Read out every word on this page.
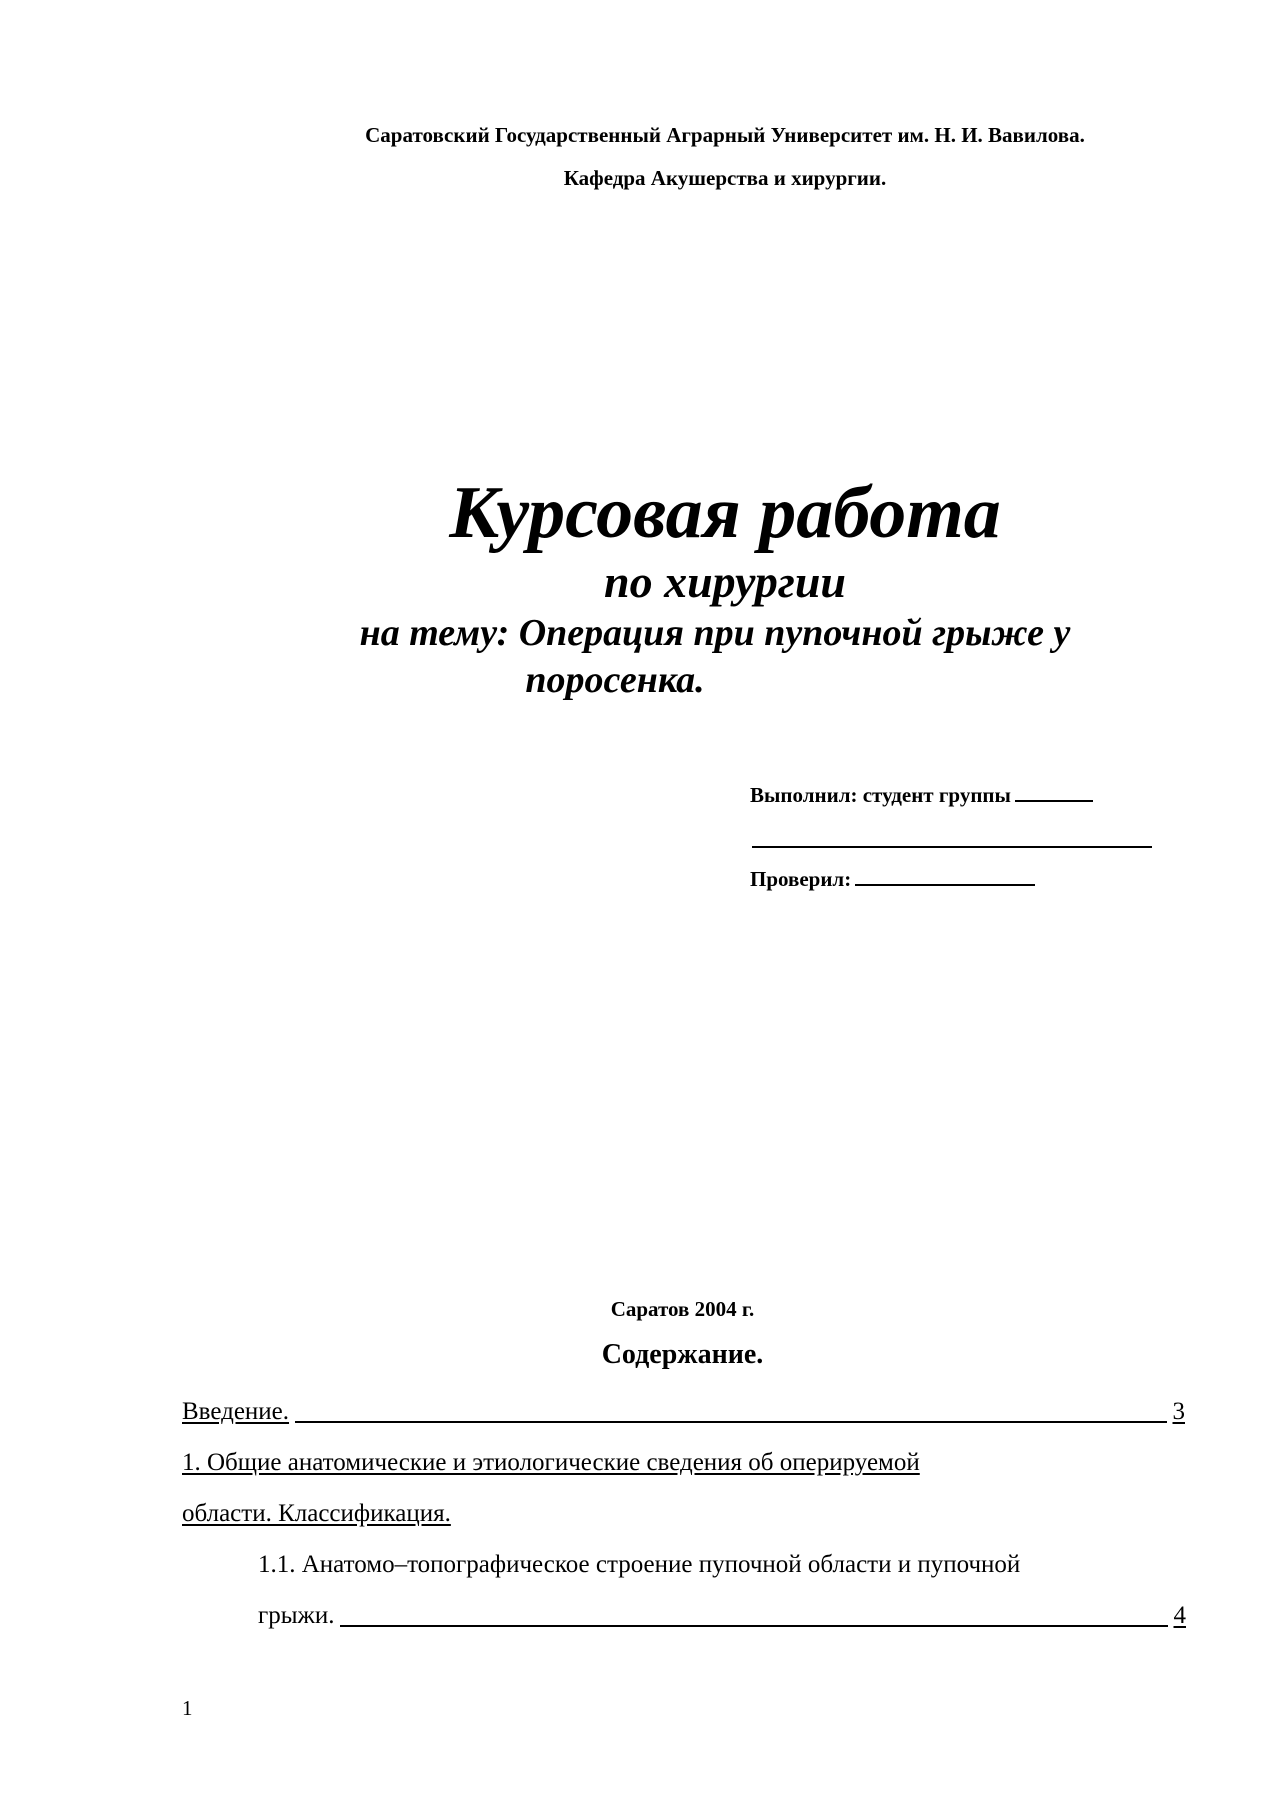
Саратовский Государственный Аграрный Университет им. Н. И. Вавилова.
Кафедра Акушерства и хирургии.
Курсовая работа
по хирургии
на тему: Операция при пупочной грыже у
поросенка.
Выполнил: студент группы
Проверил:
Саратов 2004 г.
Содержание.
Введение.	3
1. Общие анатомические и этиологические сведения об оперируемой
области. Классификация.
1.1. Анатомо–топографическое строение пупочной области и пупочной
грыжи.	4
1
